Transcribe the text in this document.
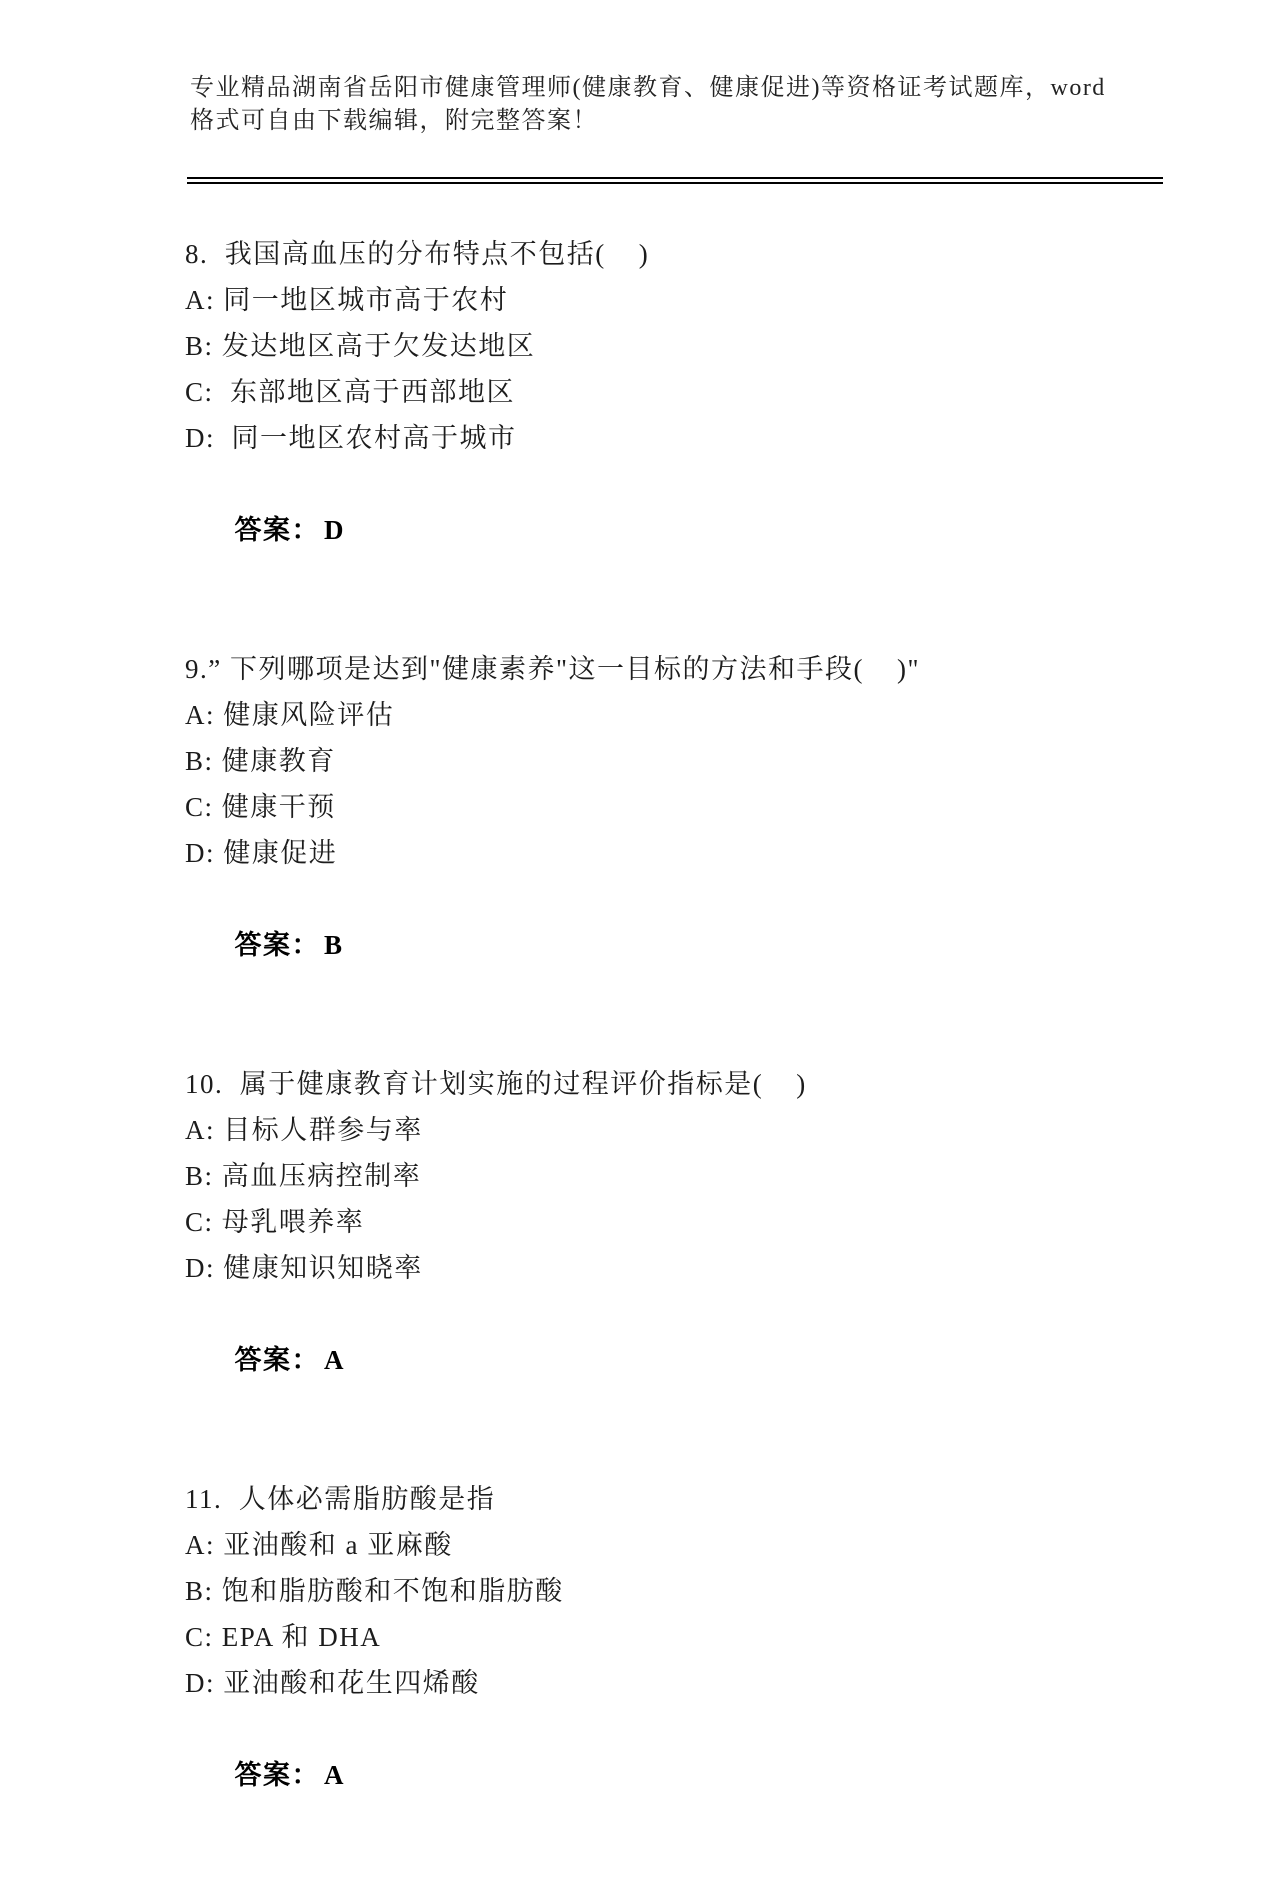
专业精品湖南省岳阳市健康管理师(健康教育、健康促进)等资格证考试题库，word
格式可自由下载编辑，附完整答案！
8.  我国高血压的分布特点不包括(    )
A: 同一地区城市高于农村
B: 发达地区高于欠发达地区
C:  东部地区高于西部地区
D:  同一地区农村高于城市

答案： D

9.” 下列哪项是达到"健康素养"这一目标的方法和手段(    )"
A: 健康风险评估
B: 健康教育
C: 健康干预
D: 健康促进

答案： B

10.  属于健康教育计划实施的过程评价指标是(    )
A: 目标人群参与率
B: 高血压病控制率
C: 母乳喂养率
D: 健康知识知晓率

答案： A

11.  人体必需脂肪酸是指
A: 亚油酸和 a 亚麻酸
B: 饱和脂肪酸和不饱和脂肪酸
C: EPA 和 DHA
D: 亚油酸和花生四烯酸

答案： A
